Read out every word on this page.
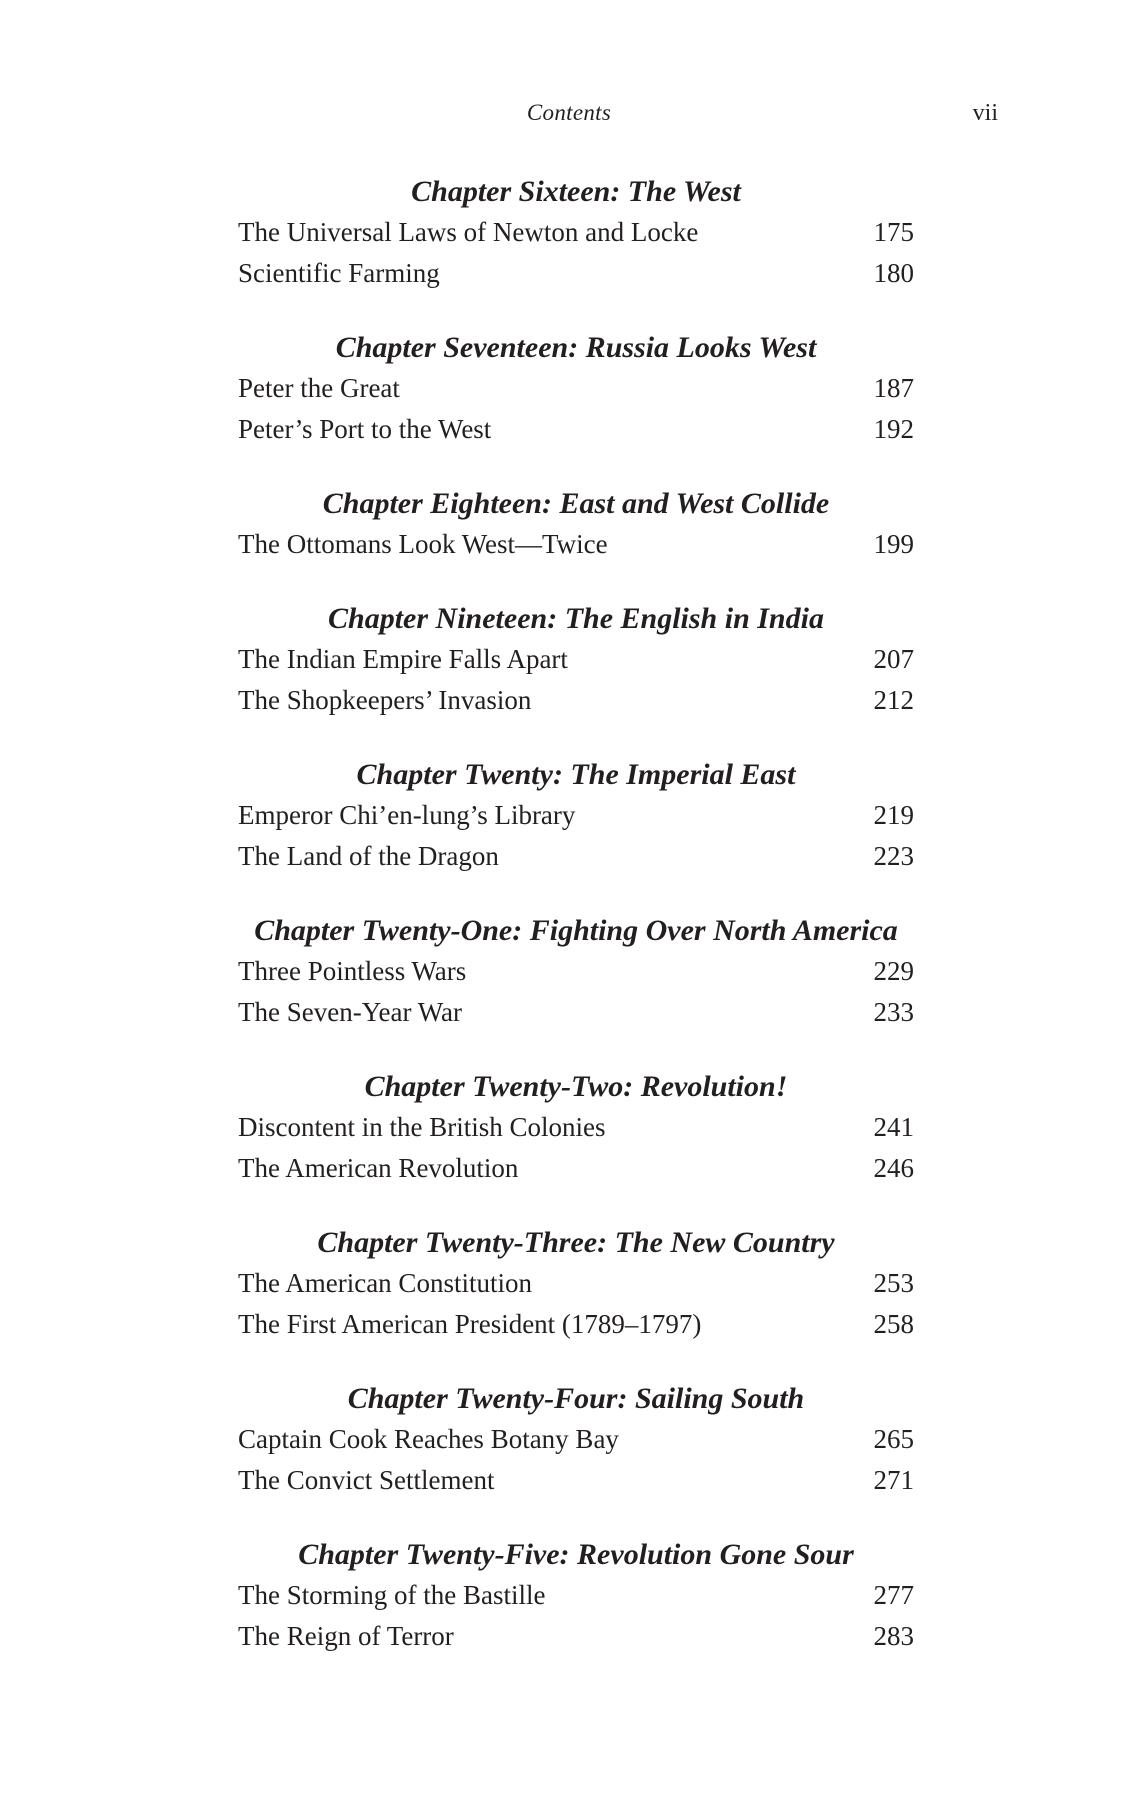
Contents	vii
Chapter Sixteen: The West
The Universal Laws of Newton and Locke	175
Scientific Farming	180
Chapter Seventeen: Russia Looks West
Peter the Great	187
Peter’s Port to the West	192
Chapter Eighteen: East and West Collide
The Ottomans Look West—Twice	199
Chapter Nineteen: The English in India
The Indian Empire Falls Apart	207
The Shopkeepers’ Invasion	212
Chapter Twenty: The Imperial East
Emperor Chi’en-lung’s Library	219
The Land of the Dragon	223
Chapter Twenty-One: Fighting Over North America
Three Pointless Wars	229
The Seven-Year War	233
Chapter Twenty-Two: Revolution!
Discontent in the British Colonies	241
The American Revolution	246
Chapter Twenty-Three: The New Country
The American Constitution	253
The First American President (1789–1797)	258
Chapter Twenty-Four: Sailing South
Captain Cook Reaches Botany Bay	265
The Convict Settlement	271
Chapter Twenty-Five: Revolution Gone Sour
The Storming of the Bastille	277
The Reign of Terror	283
